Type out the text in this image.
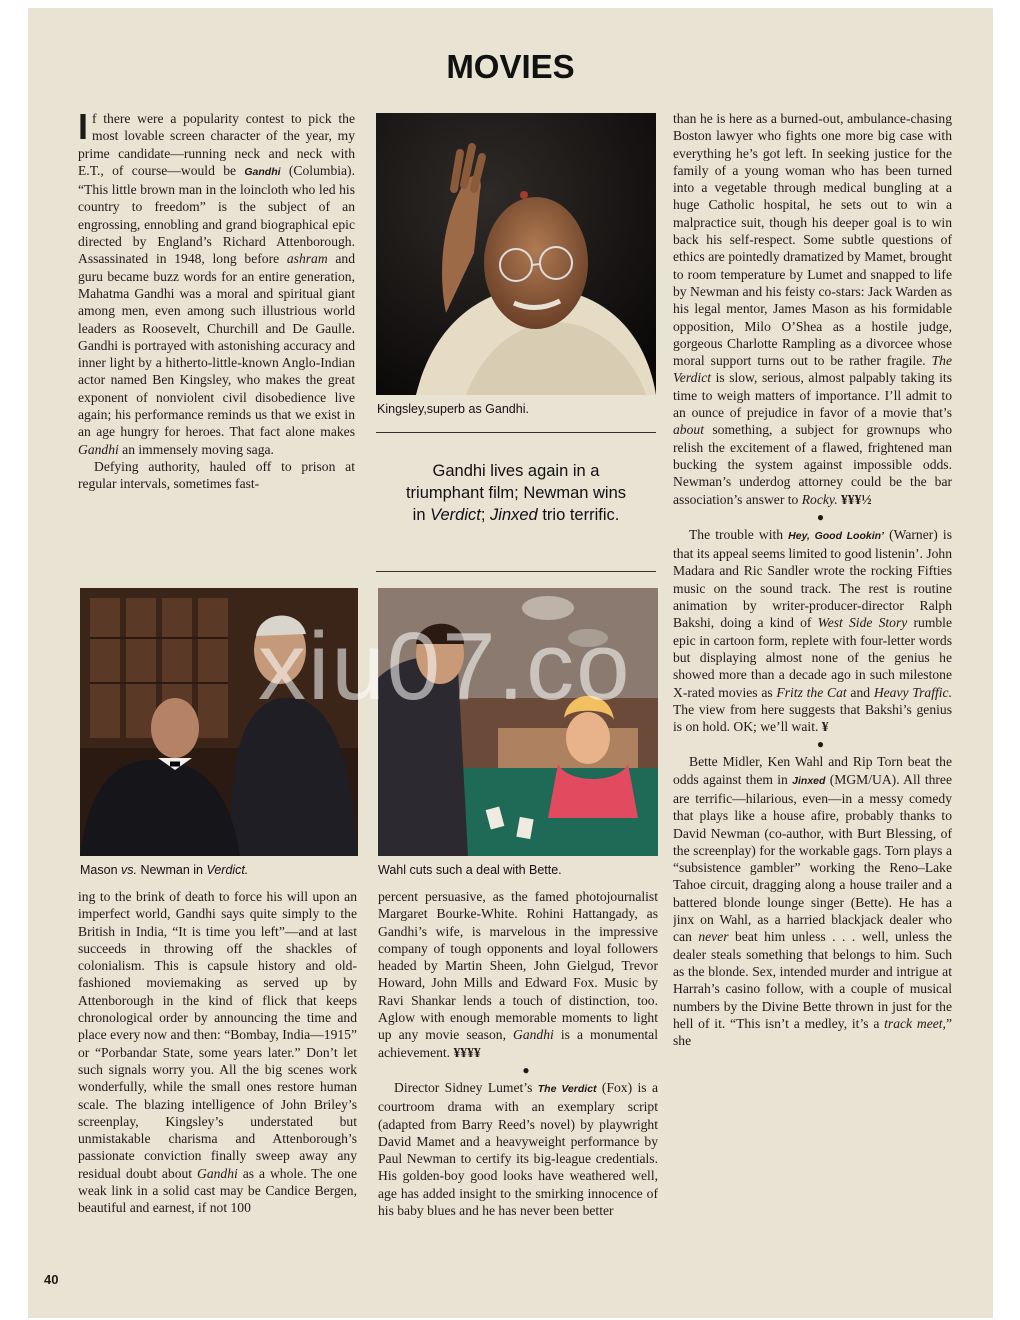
MOVIES

If there were a popularity contest to pick the most lovable screen character of the year, my prime candidate—running neck and neck with E.T., of course—would be Gandhi (Columbia). “This little brown man in the loincloth who led his country to freedom” is the subject of an engrossing, ennobling and grand biographical epic directed by England’s Richard Attenborough. Assassinated in 1948, long before ashram and guru became buzz words for an entire generation, Mahatma Gandhi was a moral and spiritual giant among men, even among such illustrious world leaders as Roosevelt, Churchill and De Gaulle. Gandhi is portrayed with astonishing accuracy and inner light by a hitherto-little-known Anglo-Indian actor named Ben Kingsley, who makes the great exponent of nonviolent civil disobedience live again; his performance reminds us that we exist in an age hungry for heroes. That fact alone makes Gandhi an immensely moving saga.

Defying authority, hauled off to prison at regular intervals, sometimes fast-

Kingsley,superb as Gandhi.
Gandhi lives again in a
triumphant film; Newman wins
in Verdict; Jinxed trio terrific.
Mason vs. Newman in Verdict.	Wahl cuts such a deal with Bette.
xiu07.co

ing to the brink of death to force his will upon an imperfect world, Gandhi says quite simply to the British in India, “It is time you left”—and at last succeeds in throwing off the shackles of colonialism. This is capsule history and old-fashioned moviemaking as served up by Attenborough in the kind of flick that keeps chronological order by announcing the time and place every now and then: “Bombay, India—1915” or “Porbandar State, some years later.” Don’t let such signals worry you. All the big scenes work wonderfully, while the small ones restore human scale. The blazing intelligence of John Briley’s screenplay, Kingsley’s understated but unmistakable charisma and Attenborough’s passionate conviction finally sweep away any residual doubt about Gandhi as a whole. The one weak link in a solid cast may be Candice Bergen, beautiful and earnest, if not 100

percent persuasive, as the famed photojournalist Margaret Bourke-White. Rohini Hattangady, as Gandhi’s wife, is marvelous in the impressive company of tough opponents and loyal followers headed by Martin Sheen, John Gielgud, Trevor Howard, John Mills and Edward Fox. Music by Ravi Shankar lends a touch of distinction, too. Aglow with enough memorable moments to light up any movie season, Gandhi is a monumental achievement. ¥¥¥¥

●

Director Sidney Lumet’s The Verdict (Fox) is a courtroom drama with an exemplary script (adapted from Barry Reed’s novel) by playwright David Mamet and a heavyweight performance by Paul Newman to certify its big-league credentials. His golden-boy good looks have weathered well, age has added insight to the smirking innocence of his baby blues and he has never been better

than he is here as a burned-out, ambulance-chasing Boston lawyer who fights one more big case with everything he’s got left. In seeking justice for the family of a young woman who has been turned into a vegetable through medical bungling at a huge Catholic hospital, he sets out to win a malpractice suit, though his deeper goal is to win back his self-respect. Some subtle questions of ethics are pointedly dramatized by Mamet, brought to room temperature by Lumet and snapped to life by Newman and his feisty co-stars: Jack Warden as his legal mentor, James Mason as his formidable opposition, Milo O’Shea as a hostile judge, gorgeous Charlotte Rampling as a divorcee whose moral support turns out to be rather fragile. The Verdict is slow, serious, almost palpably taking its time to weigh matters of importance. I’ll admit to an ounce of prejudice in favor of a movie that’s about something, a subject for grownups who relish the excitement of a flawed, frightened man bucking the system against impossible odds. Newman’s underdog attorney could be the bar association’s answer to Rocky. ¥¥¥½

●

The trouble with Hey, Good Lookin’ (Warner) is that its appeal seems limited to good listenin’. John Madara and Ric Sandler wrote the rocking Fifties music on the sound track. The rest is routine animation by writer-producer-director Ralph Bakshi, doing a kind of West Side Story rumble epic in cartoon form, replete with four-letter words but displaying almost none of the genius he showed more than a decade ago in such milestone X-rated movies as Fritz the Cat and Heavy Traffic. The view from here suggests that Bakshi’s genius is on hold. OK; we’ll wait. ¥

●

Bette Midler, Ken Wahl and Rip Torn beat the odds against them in Jinxed (MGM/UA). All three are terrific—hilarious, even—in a messy comedy that plays like a house afire, probably thanks to David Newman (co-author, with Burt Blessing, of the screenplay) for the workable gags. Torn plays a “subsistence gambler” working the Reno–Lake Tahoe circuit, dragging along a house trailer and a battered blonde lounge singer (Bette). He has a jinx on Wahl, as a harried blackjack dealer who can never beat him unless . . . well, unless the dealer steals something that belongs to him. Such as the blonde. Sex, intended murder and intrigue at Harrah’s casino follow, with a couple of musical numbers by the Divine Bette thrown in just for the hell of it. “This isn’t a medley, it’s a track meet,” she

40
